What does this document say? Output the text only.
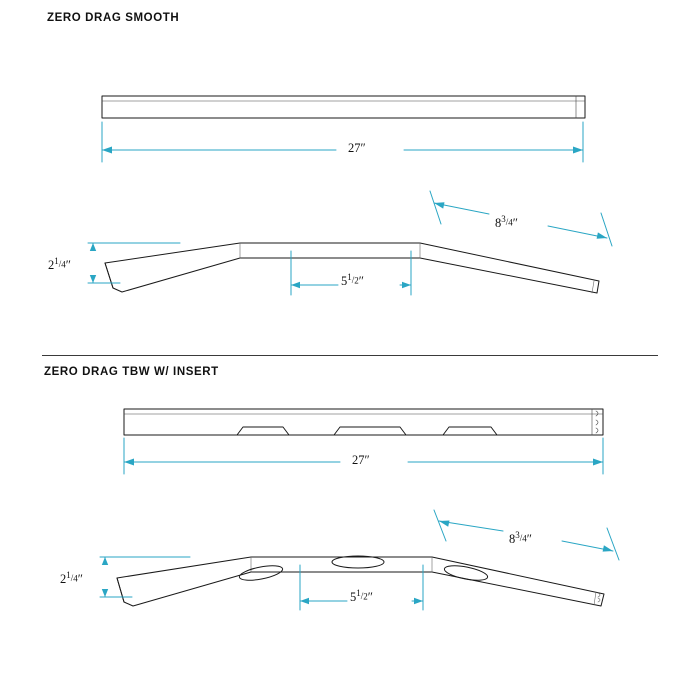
ZERO DRAG SMOOTH
ZERO DRAG TBW W/ INSERT
27″
$8^3/_4''$
$2^1/_4''$
$5^1/_2''$
27″
$8^3/_4''$
$2^1/_4''$
$5^1/_2''$
